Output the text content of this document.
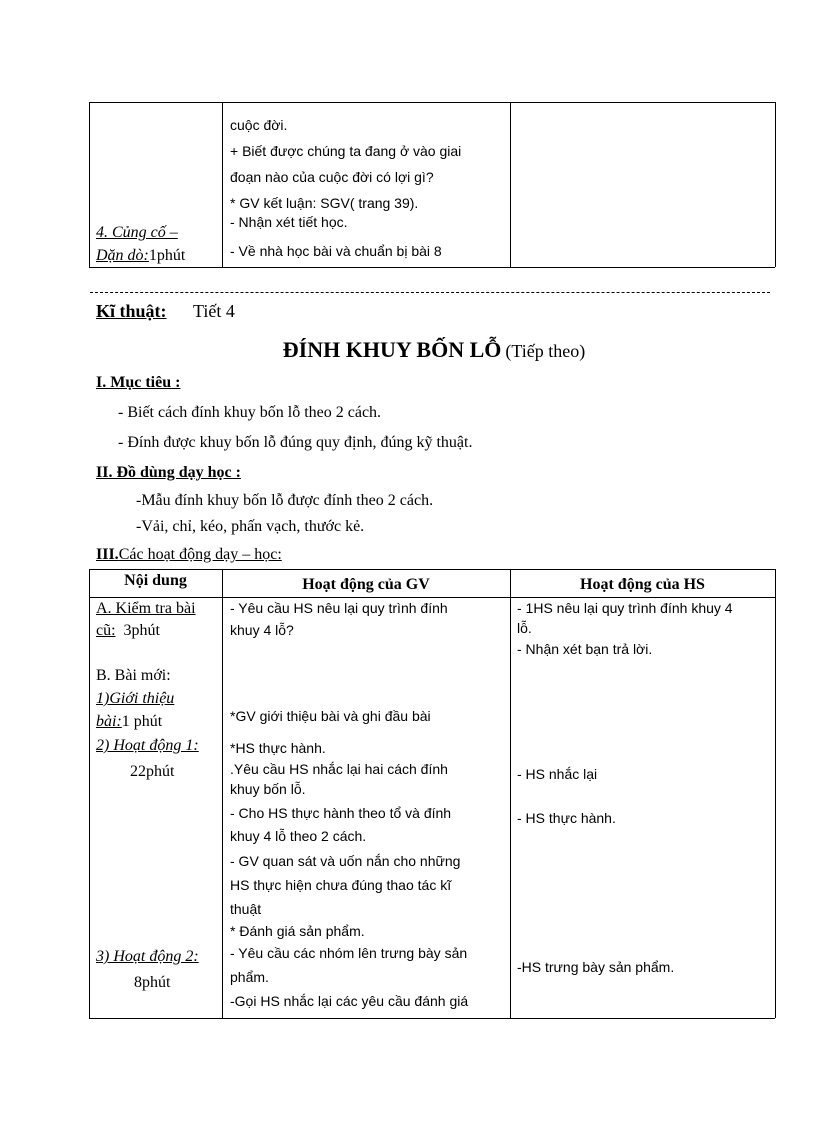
4. Củng cố –
Dặn dò:1phút
cuộc đời.
+ Biết được chúng ta đang ở vào giai
đoạn nào của cuộc đời có lợi gì?
* GV kết luận: SGV( trang 39).
- Nhận xét tiết học.
- Về nhà học bài và chuẩn bị bài 8
Kĩ thuật: Tiết 4
ĐÍNH KHUY BỐN LỖ (Tiếp theo)
I. Mục tiêu :
- Biết cách đính khuy bốn lỗ theo 2 cách.
- Đính được khuy bốn lỗ đúng quy định, đúng kỹ thuật.
II. Đồ dùng dạy học :
-Mẫu đính khuy bốn lỗ được đính theo 2 cách.
-Vải, chỉ, kéo, phấn vạch, thước kẻ.
III.Các hoạt động dạy – học:
Nội dung	Hoạt động của GV	Hoạt động của HS
A. Kiểm tra bài
cũ: 3phút
B. Bài mới:
1)Giới thiệu
bài:1 phút
2) Hoạt động 1:
22phút
3) Hoạt động 2:
8phút
- Yêu cầu HS nêu lại quy trình đính
khuy 4 lỗ?
*GV giới thiệu bài và ghi đầu bài
*HS thực hành.
.Yêu cầu HS nhắc lại hai cách đính
khuy bốn lỗ.
- Cho HS thực hành theo tổ và đính
khuy 4 lỗ theo 2 cách.
- GV quan sát và uốn nắn cho những
HS thực hiện chưa đúng thao tác kĩ
thuật
* Đánh giá sản phẩm.
- Yêu cầu các nhóm lên trưng bày sản
phẩm.
-Gọi HS nhắc lại các yêu cầu đánh giá
- 1HS nêu lại quy trình đính khuy 4
lỗ.
- Nhận xét bạn trả lời.
- HS nhắc lại
- HS thực hành.
-HS trưng bày sản phẩm.
